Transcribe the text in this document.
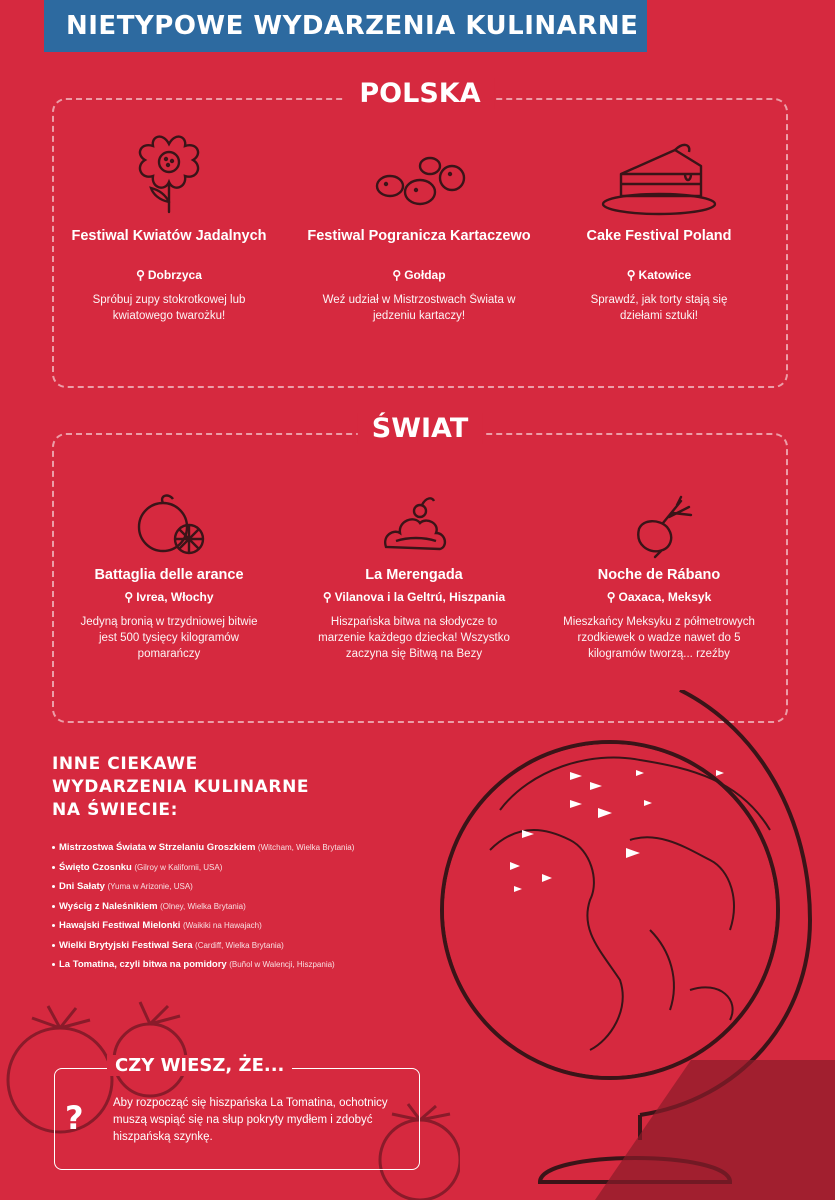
NIETYPOWE WYDARZENIA KULINARNE
POLSKA
Festiwal Kwiatów Jadalnych
⚲ Dobrzyca
Spróbuj zupy stokrotkowej lub kwiatowego twarożku!
Festiwal Pogranicza Kartaczewo
⚲ Gołdap
Weź udział w Mistrzostwach Świata w jedzeniu kartaczy!
Cake Festival Poland
⚲ Katowice
Sprawdź, jak torty stają się dziełami sztuki!
ŚWIAT
Battaglia delle arance
⚲ Ivrea, Włochy
Jedyną bronią w trzydniowej bitwie jest 500 tysięcy kilogramów pomarańczy
La Merengada
⚲ Vilanova i la Geltrú, Hiszpania
Hiszpańska bitwa na słodycze to marzenie każdego dziecka! Wszystko zaczyna się Bitwą na Bezy
Noche de Rábano
⚲ Oaxaca, Meksyk
Mieszkańcy Meksyku z półmetrowych rzodkiewek o wadze nawet do 5 kilogramów tworzą... rzeźby
INNE CIEKAWE
WYDARZENIA KULINARNE
NA ŚWIECIE:
Mistrzostwa Świata w Strzelaniu Groszkiem (Witcham, Wielka Brytania)
Święto Czosnku (Gilroy w Kalifornii, USA)
Dni Sałaty (Yuma w Arizonie, USA)
Wyścig z Naleśnikiem (Olney, Wielka Brytania)
Hawajski Festiwal Mielonki (Waikiki na Hawajach)
Wielki Brytyjski Festiwal Sera (Cardiff, Wielka Brytania)
La Tomatina, czyli bitwa na pomidory (Buñol w Walencji, Hiszpania)
CZY WIESZ, ŻE...
?	Aby rozpocząć się hiszpańska La Tomatina, ochotnicy muszą wspiąć się na słup pokryty mydłem i zdobyć hiszpańską szynkę.
